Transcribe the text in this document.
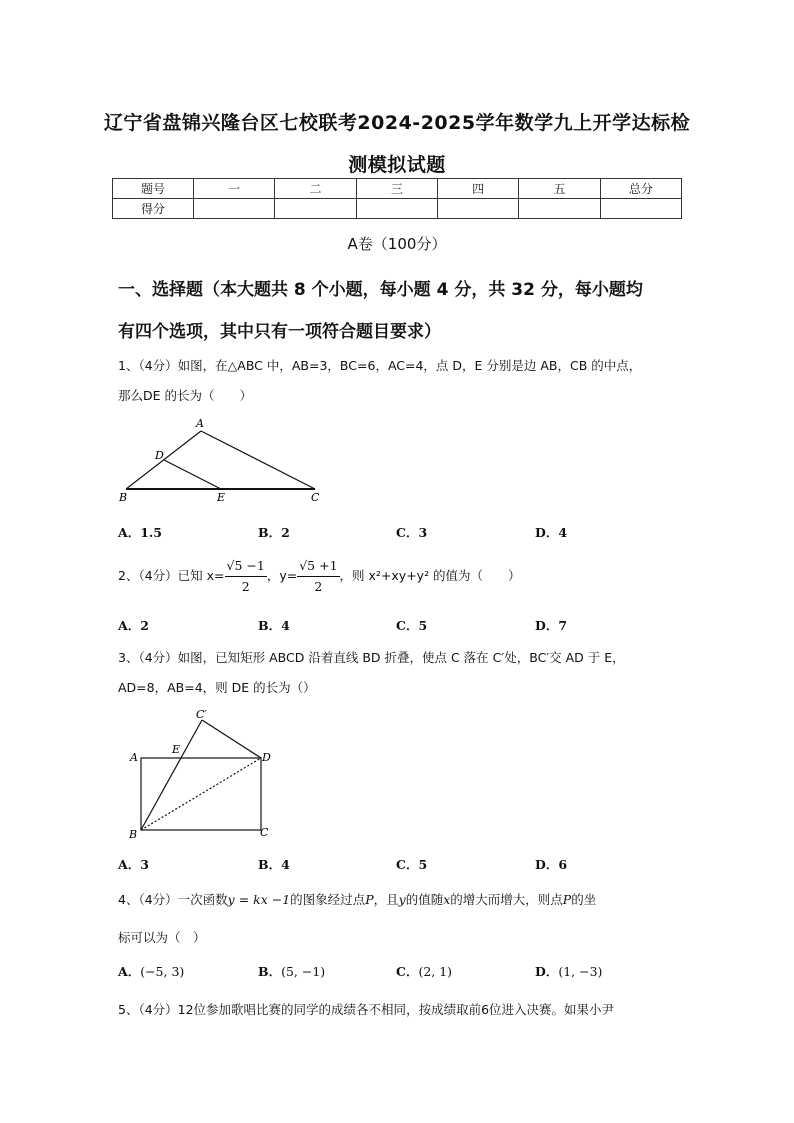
辽宁省盘锦兴隆台区七校联考2024-2025学年数学九上开学达标检
测模拟试题
题号	一	二	三	四	五	总分
得分						
A卷（100分）
一、选择题（本大题共 8 个小题，每小题 4 分，共 32 分，每小题均
有四个选项，其中只有一项符合题目要求）
1、（4分）如图，在△ABC 中，AB=3，BC=6，AC=4，点 D，E 分别是边 AB，CB 的中点，
那么DE 的长为（　　）
A
D
B	E	C
A．1.5	B．2	C．3	D．4
2、（4分）已知 $x= \frac{√5 -1}{2}$ ，$y= \frac{√5 +1}{2}$ ，则 x²+xy+y² 的值为（　　）
A．2	B．4	C．5	D．7
3、（4分）如图，已知矩形 ABCD 沿着直线 BD 折叠，使点 C 落在 C′处，BC′交 AD 于 E，
AD=8，AB=4，则 DE 的长为（）
C′
E
A	D
B	C
A．3	B．4	C．5	D．6
4、（4分）一次函数y = kx −1的图象经过点P，且y的值随x的增大而增大，则点P的坐
标可以为（　）
A．(−5, 3)	B．(5, −1)	C．(2, 1)	D．(1, −3)
5、（4分）12位参加歌唱比赛的同学的成绩各不相同，按成绩取前6位进入决赛。如果小尹
